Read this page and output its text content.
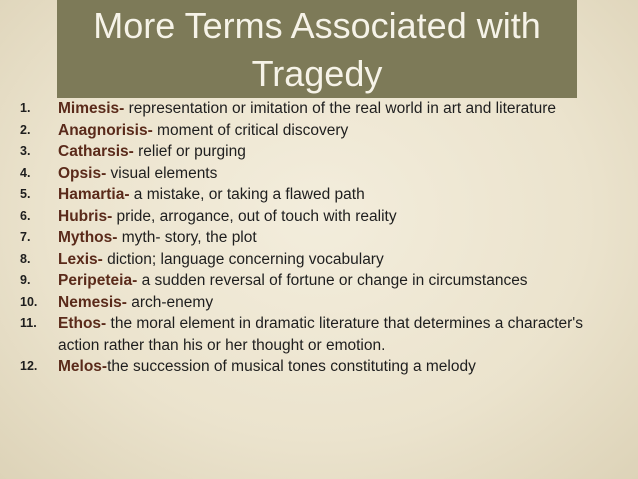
More Terms Associated with Tragedy
1. Mimesis- representation or imitation of the real world in art and literature
2. Anagnorisis- moment of critical discovery
3. Catharsis- relief or purging
4. Opsis- visual elements
5. Hamartia- a mistake, or taking a flawed path
6. Hubris- pride, arrogance, out of touch with reality
7. Mythos- myth- story, the plot
8. Lexis- diction; language concerning vocabulary
9. Peripeteia- a sudden reversal of fortune or change in circumstances
10. Nemesis- arch-enemy
11. Ethos- the moral element in dramatic literature that determines a character's action rather than his or her thought or emotion.
12. Melos-the succession of musical tones constituting a melody
